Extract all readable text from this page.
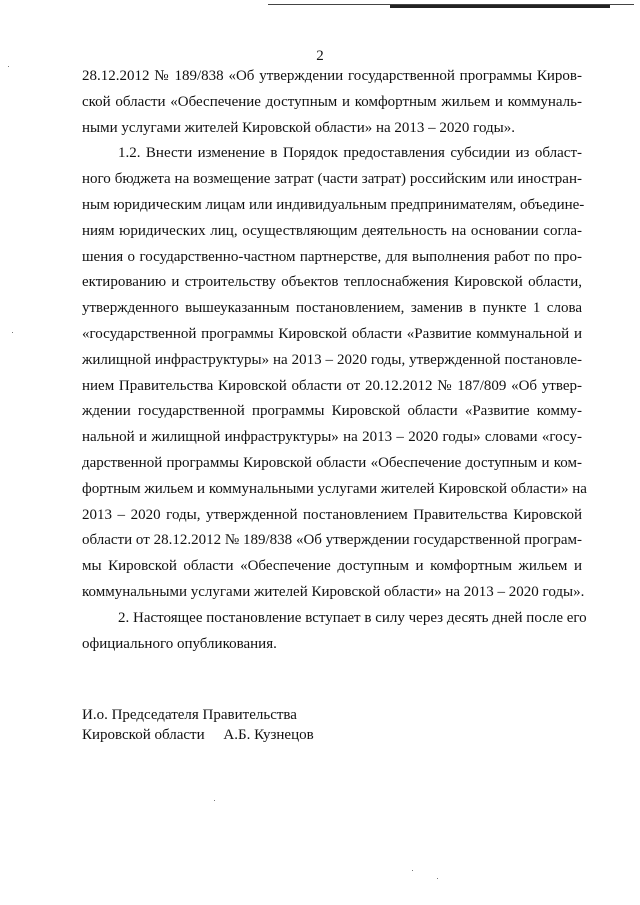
2
28.12.2012 № 189/838 «Об утверждении государственной программы Киров-
ской области «Обеспечение доступным и комфортным жильем и коммуналь-
ными услугами жителей Кировской области» на 2013 – 2020 годы».
1.2. Внести изменение в Порядок предоставления субсидии из област-
ного бюджета на возмещение затрат (части затрат) российским или иностран-
ным юридическим лицам или индивидуальным предпринимателям, объедине-
ниям юридических лиц, осуществляющим деятельность на основании согла-
шения о государственно-частном партнерстве, для выполнения работ по про-
ектированию и строительству объектов теплоснабжения Кировской области,
утвержденного вышеуказанным постановлением, заменив в пункте 1 слова
«государственной программы Кировской области «Развитие коммунальной и
жилищной инфраструктуры» на 2013 – 2020 годы, утвержденной постановле-
нием Правительства Кировской области от 20.12.2012 № 187/809 «Об утвер-
ждении государственной программы Кировской области «Развитие комму-
нальной и жилищной инфраструктуры» на 2013 – 2020 годы» словами «госу-
дарственной программы Кировской области «Обеспечение доступным и ком-
фортным жильем и коммунальными услугами жителей Кировской области» на
2013 – 2020 годы, утвержденной постановлением Правительства Кировской
области от 28.12.2012 № 189/838 «Об утверждении государственной програм-
мы Кировской области «Обеспечение доступным и комфортным жильем и
коммунальными услугами жителей Кировской области» на 2013 – 2020 годы».
2. Настоящее постановление вступает в силу через десять дней после его
официального опубликования.
И.о. Председателя Правительства
Кировской области     А.Б. Кузнецов
